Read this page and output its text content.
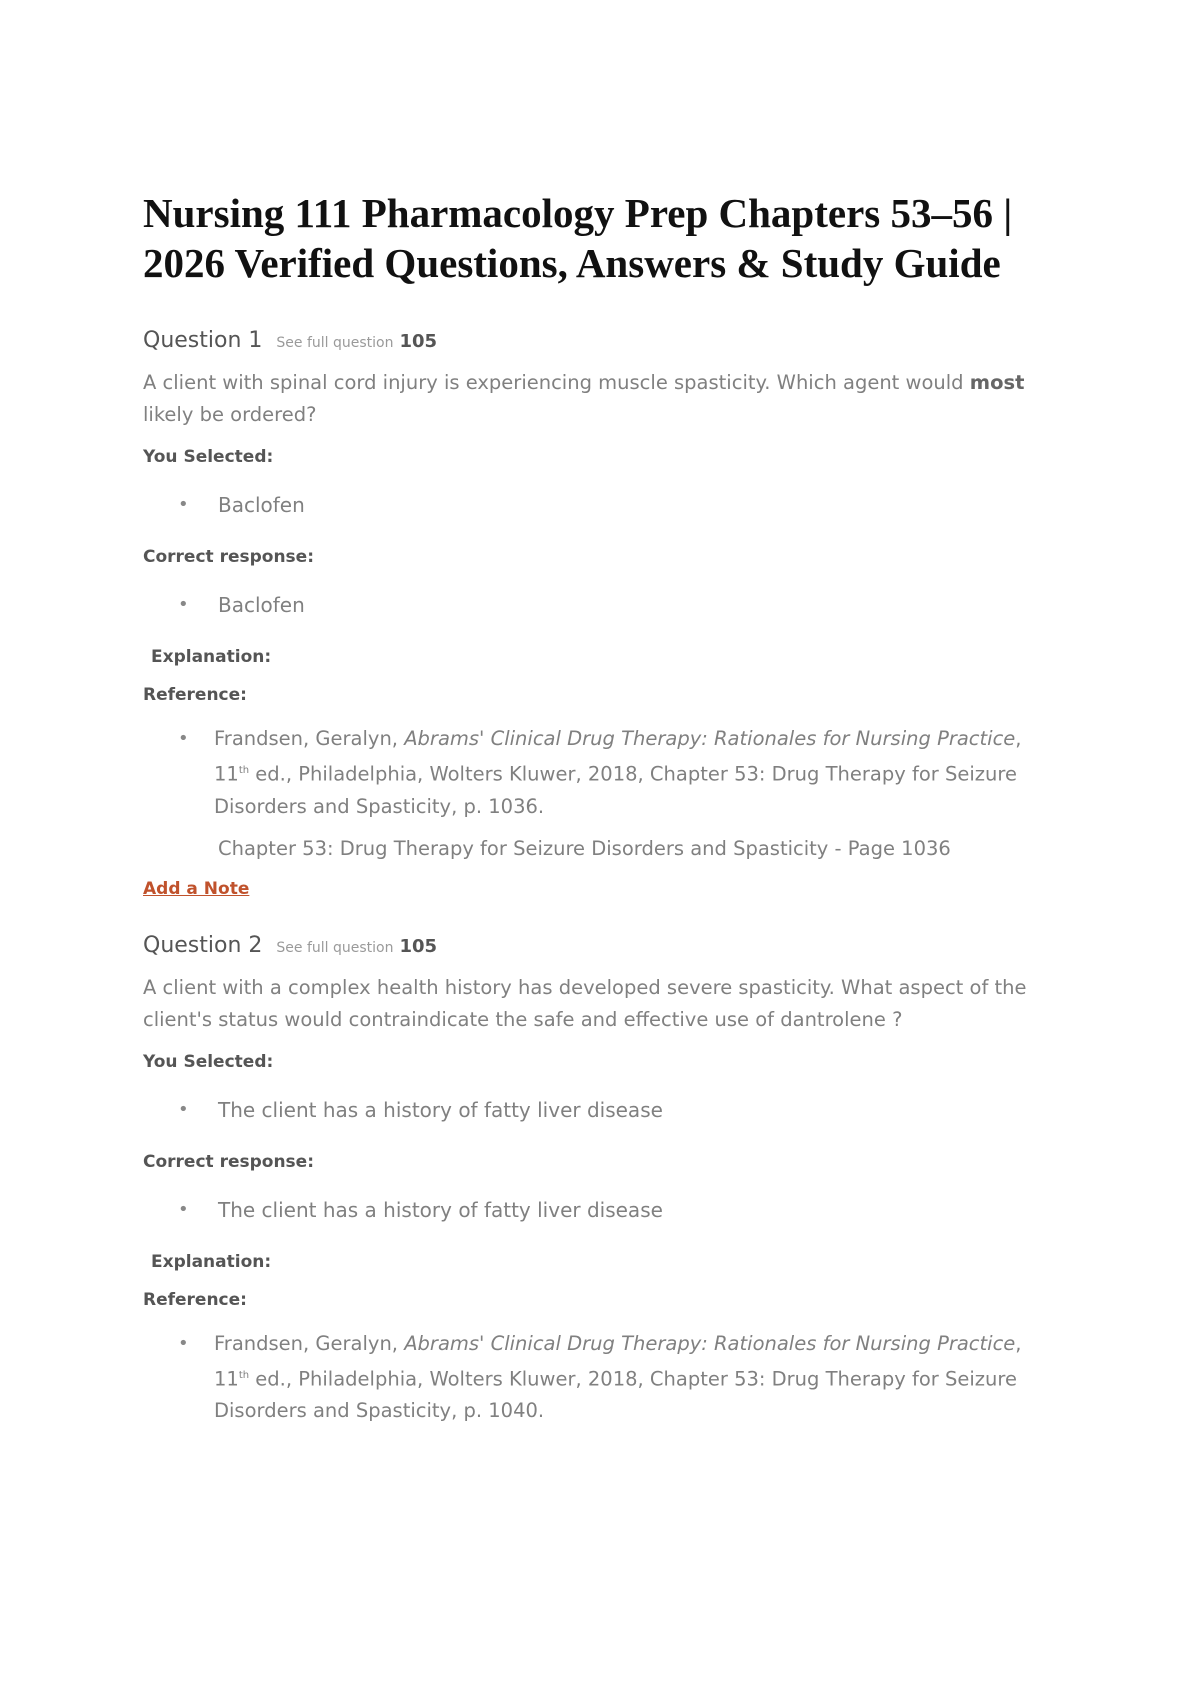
Nursing 111 Pharmacology Prep Chapters 53–56 | 2026 Verified Questions, Answers & Study Guide
Question 1 See full question 105

A client with spinal cord injury is experiencing muscle spasticity. Which agent would most likely be ordered?

You Selected:
• Baclofen
Correct response:
• Baclofen
Explanation:
Reference:
• Frandsen, Geralyn, Abrams' Clinical Drug Therapy: Rationales for Nursing Practice, 11th ed., Philadelphia, Wolters Kluwer, 2018, Chapter 53: Drug Therapy for Seizure Disorders and Spasticity, p. 1036.
Chapter 53: Drug Therapy for Seizure Disorders and Spasticity - Page 1036
Add a Note
Question 2 See full question 105

A client with a complex health history has developed severe spasticity. What aspect of the client's status would contraindicate the safe and effective use of dantrolene ?

You Selected:
• The client has a history of fatty liver disease
Correct response:
• The client has a history of fatty liver disease
Explanation:
Reference:
• Frandsen, Geralyn, Abrams' Clinical Drug Therapy: Rationales for Nursing Practice, 11th ed., Philadelphia, Wolters Kluwer, 2018, Chapter 53: Drug Therapy for Seizure Disorders and Spasticity, p. 1040.
